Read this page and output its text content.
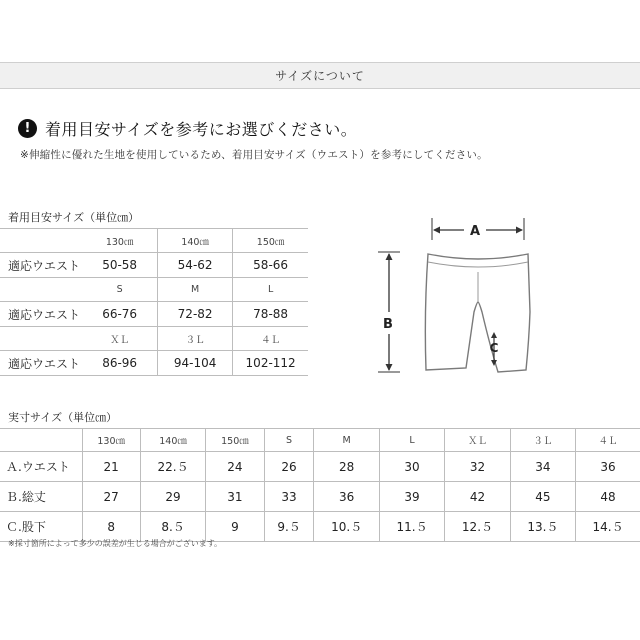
サイズについて
! 着用目安サイズを参考にお選びください。
※伸縮性に優れた生地を使用しているため、着用目安サイズ（ウエスト）を参考にしてください。
着用目安サイズ（単位㎝）
	130㎝	140㎝	150㎝
適応ウエスト	50-58	54-62	58-66
	S	M	L
適応ウエスト	66-76	72-82	78-88
	ＸＬ	３Ｌ	４Ｌ
適応ウエスト	86-96	94-104	102-112
A
B
C
実寸サイズ（単位㎝）
	130㎝	140㎝	150㎝	S	M	L	ＸＬ	３Ｌ	４Ｌ
Ａ.ウエスト	21	22.５	24	26	28	30	32	34	36
Ｂ.総丈	27	29	31	33	36	39	42	45	48
Ｃ.股下	8	8.５	9	9.５	10.５	11.５	12.５	13.５	14.５
※採寸箇所によって多少の誤差が生じる場合がございます。
